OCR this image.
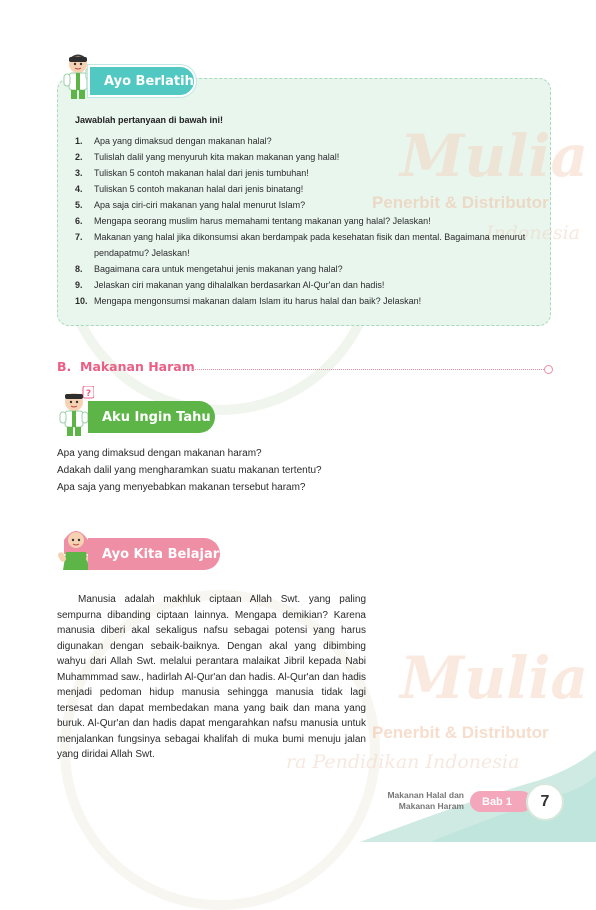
Mulia
Penerbit & Distributor
Indonesia
Ayo Berlatih
Jawablah pertanyaan di bawah ini!
1. Apa yang dimaksud dengan makanan halal?
2. Tulislah dalil yang menyuruh kita makan makanan yang halal!
3. Tuliskan 5 contoh makanan halal dari jenis tumbuhan!
4. Tuliskan 5 contoh makanan halal dari jenis binatang!
5. Apa saja ciri-ciri makanan yang halal menurut Islam?
6. Mengapa seorang muslim harus memahami tentang makanan yang halal? Jelaskan!
7. Makanan yang halal jika dikonsumsi akan berdampak pada kesehatan fisik dan mental. Bagaimana menurut pendapatmu? Jelaskan!
8. Bagaimana cara untuk mengetahui jenis makanan yang halal?
9. Jelaskan ciri makanan yang dihalalkan berdasarkan Al-Qur'an dan hadis!
10. Mengapa mengonsumsi makanan dalam Islam itu harus halal dan baik? Jelaskan!
B. Makanan Haram
?
Aku Ingin Tahu
Apa yang dimaksud dengan makanan haram?
Adakah dalil yang mengharamkan suatu makanan tertentu?
Apa saja yang menyebabkan makanan tersebut haram?
Ayo Kita Belajar
Mulia
Penerbit & Distributor
ra Pendidikan Indonesia

Manusia adalah makhluk ciptaan Allah Swt. yang paling sempurna dibanding ciptaan lainnya. Mengapa demikian? Karena manusia diberi akal sekaligus nafsu sebagai potensi yang harus digunakan dengan sebaik-baiknya. Dengan akal yang dibimbing wahyu dari Allah Swt. melalui perantara malaikat Jibril kepada Nabi Muhammmad saw., hadirlah Al-Qur'an dan hadis. Al-Qur'an dan hadis menjadi pedoman hidup manusia sehingga manusia tidak lagi tersesat dan dapat membedakan mana yang baik dan mana yang buruk. Al-Qur'an dan hadis dapat mengarahkan nafsu manusia untuk menjalankan fungsinya sebagai khalifah di muka bumi menuju jalan yang diridai Allah Swt.

Makanan Halal dan
Makanan Haram	Bab 1	7
